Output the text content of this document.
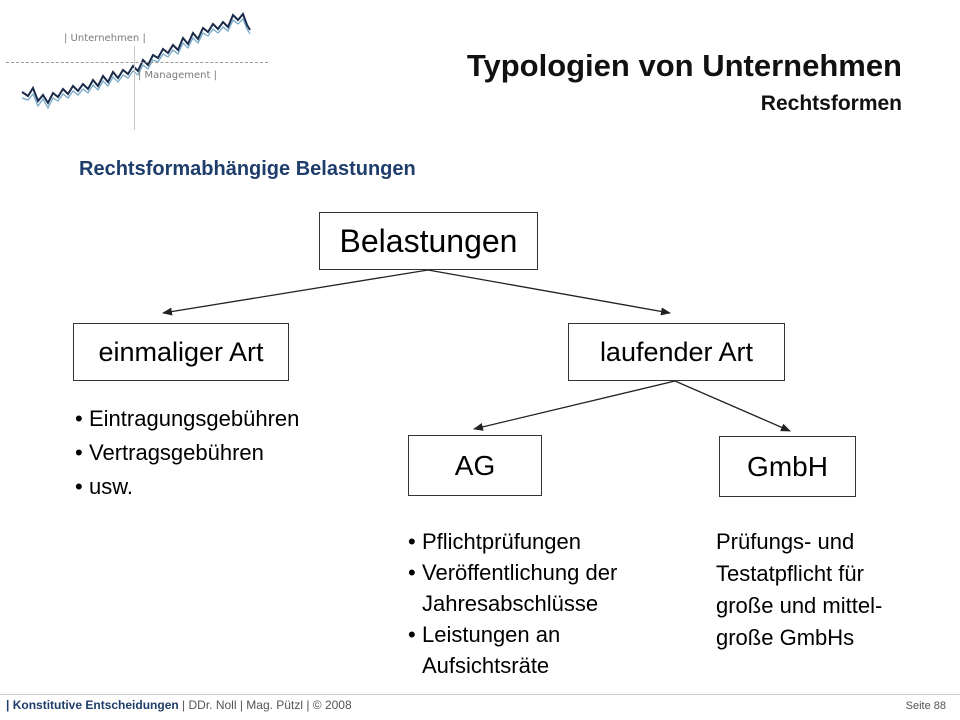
| Unternehmen |
| Management |	Typologien von Unternehmen
Rechtsformen
Rechtsformabhängige Belastungen
Belastungen
einmaliger Art	laufender Art
AG	GmbH
• Eintragungsgebühren
• Vertragsgebühren
• usw.
• Pflichtprüfungen
• Veröffentlichung der
Jahresabschlüsse
• Leistungen an
Aufsichtsräte
Prüfungs- und
Testatpflicht für
große und mittel-
große GmbHs
| Konstitutive Entscheidungen | DDr. Noll | Mag. Pützl | © 2008	Seite 88
